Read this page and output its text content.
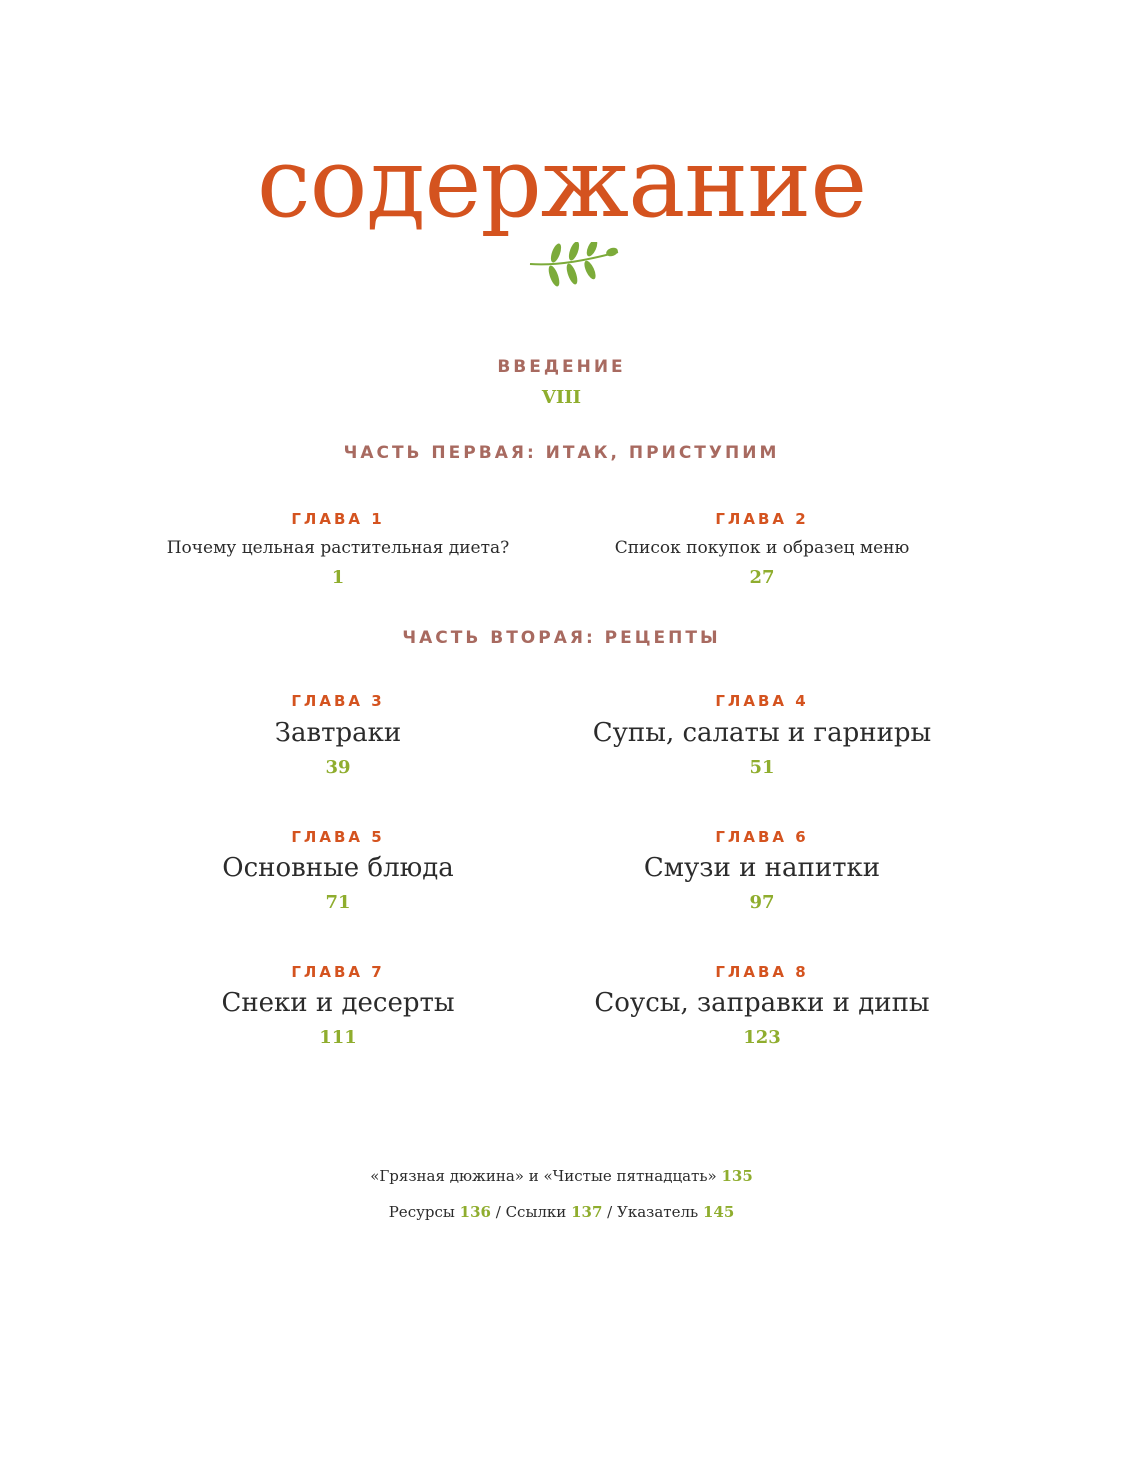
содержание
ВВЕДЕНИЕ
VIII
ЧАСТЬ ПЕРВАЯ: ИТАК, ПРИСТУПИМ
ГЛАВА 1
Почему цельная растительная диета?
1
ГЛАВА 2
Список покупок и образец меню
27
ЧАСТЬ ВТОРАЯ: РЕЦЕПТЫ
ГЛАВА 3
Завтраки
39
ГЛАВА 4
Супы, салаты и гарниры
51
ГЛАВА 5
Основные блюда
71
ГЛАВА 6
Смузи и напитки
97
ГЛАВА 7
Снеки и десерты
111
ГЛАВА 8
Соусы, заправки и дипы
123
«Грязная дюжина» и «Чистые пятнадцать» 135
Ресурсы 136 / Ссылки 137 / Указатель 145
